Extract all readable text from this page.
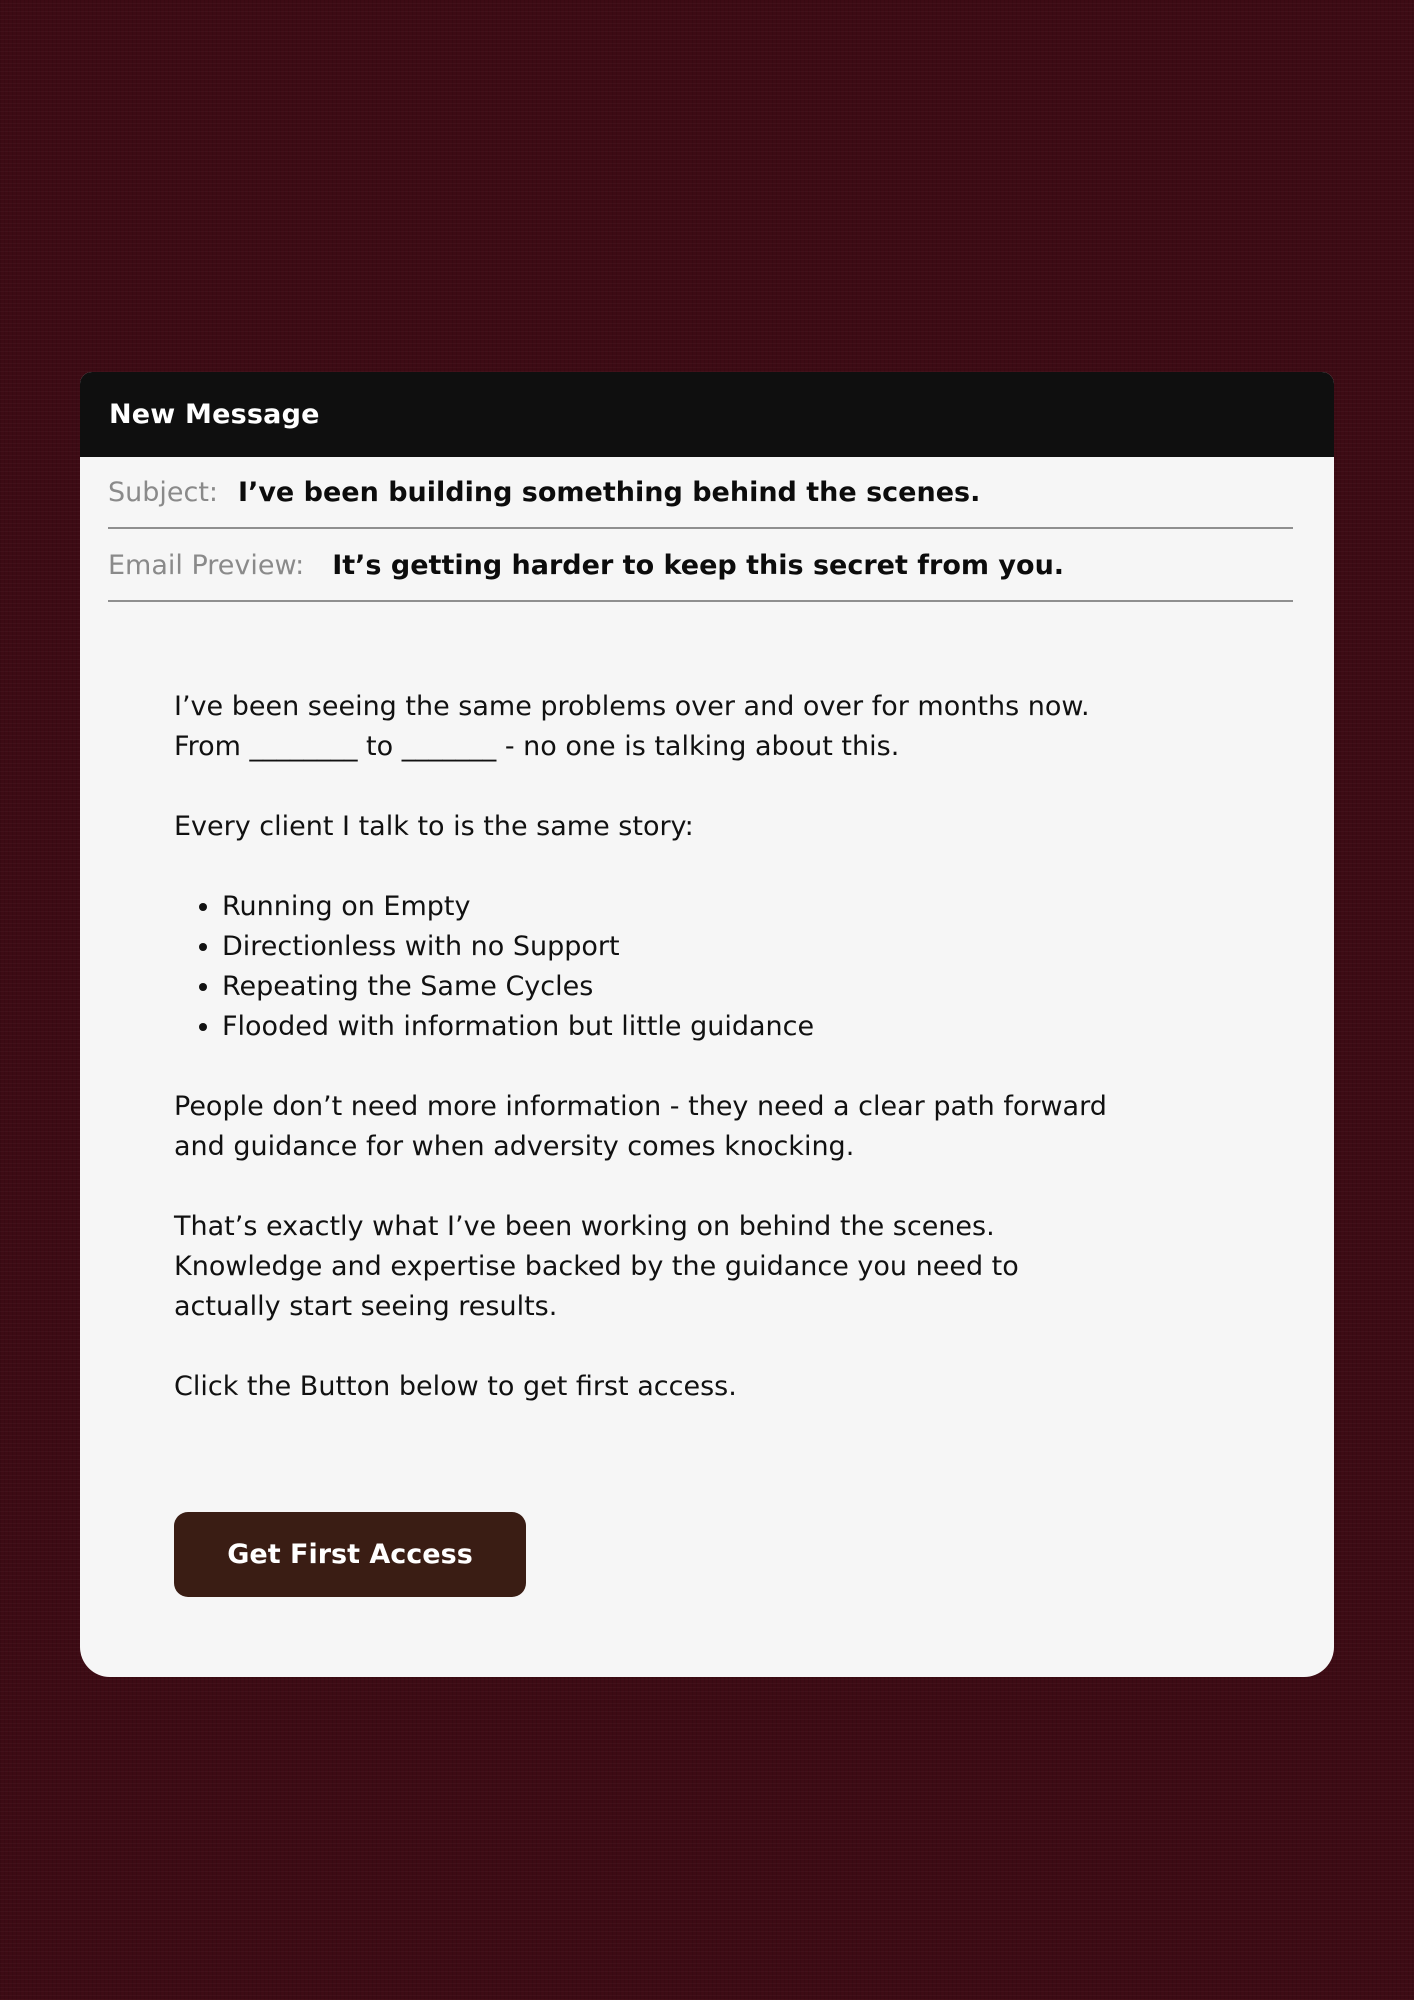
New Message
Subject: I’ve been building something behind the scenes.
Email Preview: It’s getting harder to keep this secret from you.

I’ve been seeing the same problems over and over for months now.
From ________ to _______ - no one is talking about this.

Every client I talk to is the same story:

• Running on Empty
• Directionless with no Support
• Repeating the Same Cycles
• Flooded with information but little guidance

People don’t need more information - they need a clear path forward
and guidance for when adversity comes knocking.

That’s exactly what I’ve been working on behind the scenes.
Knowledge and expertise backed by the guidance you need to
actually start seeing results.

Click the Button below to get first access.

Get First Access
